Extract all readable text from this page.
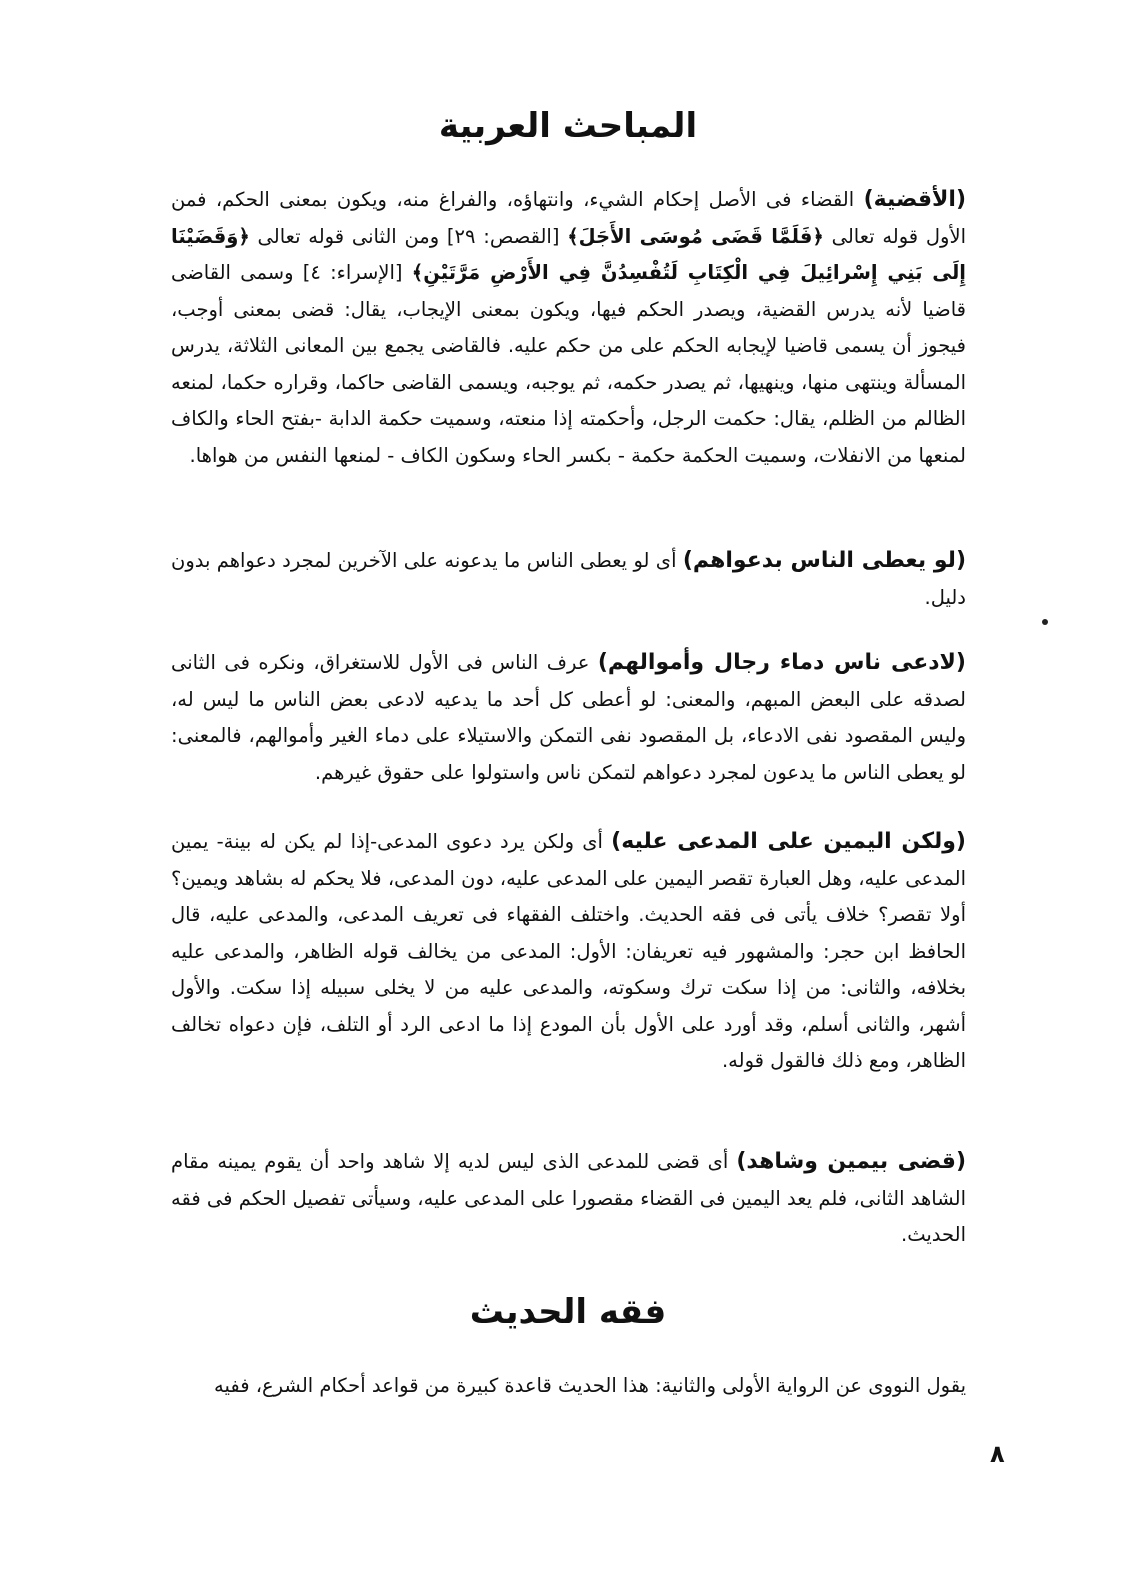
المباحث العربية

(الأقضية) القضاء فى الأصل إحكام الشيء، وانتهاؤه، والفراغ منه، ويكون بمعنى الحكم، فمن الأول قوله تعالى ﴿فَلَمَّا قَضَى مُوسَى الأَجَلَ﴾ [القصص: ٢٩] ومن الثانى قوله تعالى ﴿وَقَضَيْنَا إِلَى بَنِي إِسْرائِيلَ فِي الْكِتَابِ لَتُفْسِدُنَّ فِي الأَرْضِ مَرَّتَيْنِ﴾ [الإسراء: ٤] وسمى القاضى قاضيا لأنه يدرس القضية، ويصدر الحكم فيها، ويكون بمعنى الإيجاب، يقال: قضى بمعنى أوجب، فيجوز أن يسمى قاضيا لإيجابه الحكم على من حكم عليه. فالقاضى يجمع بين المعانى الثلاثة، يدرس المسألة وينتهى منها، وينهيها، ثم يصدر حكمه، ثم يوجبه، ويسمى القاضى حاكما، وقراره حكما، لمنعه الظالم من الظلم، يقال: حكمت الرجل، وأحكمته إذا منعته، وسميت حكمة الدابة -بفتح الحاء والكاف لمنعها من الانفلات، وسميت الحكمة حكمة - بكسر الحاء وسكون الكاف - لمنعها النفس من هواها.

(لو يعطى الناس بدعواهم) أى لو يعطى الناس ما يدعونه على الآخرين لمجرد دعواهم بدون دليل.

(لادعى ناس دماء رجال وأموالهم) عرف الناس فى الأول للاستغراق، ونكره فى الثانى لصدقه على البعض المبهم، والمعنى: لو أعطى كل أحد ما يدعيه لادعى بعض الناس ما ليس له، وليس المقصود نفى الادعاء، بل المقصود نفى التمكن والاستيلاء على دماء الغير وأموالهم، فالمعنى: لو يعطى الناس ما يدعون لمجرد دعواهم لتمكن ناس واستولوا على حقوق غيرهم.

(ولكن اليمين على المدعى عليه) أى ولكن يرد دعوى المدعى-إذا لم يكن له بينة- يمين المدعى عليه، وهل العبارة تقصر اليمين على المدعى عليه، دون المدعى، فلا يحكم له بشاهد ويمين؟ أولا تقصر؟ خلاف يأتى فى فقه الحديث. واختلف الفقهاء فى تعريف المدعى، والمدعى عليه، قال الحافظ ابن حجر: والمشهور فيه تعريفان: الأول: المدعى من يخالف قوله الظاهر، والمدعى عليه بخلافه، والثانى: من إذا سكت ترك وسكوته، والمدعى عليه من لا يخلى سبيله إذا سكت. والأول أشهر، والثانى أسلم، وقد أورد على الأول بأن المودع إذا ما ادعى الرد أو التلف، فإن دعواه تخالف الظاهر، ومع ذلك فالقول قوله.

(قضى بيمين وشاهد) أى قضى للمدعى الذى ليس لديه إلا شاهد واحد أن يقوم يمينه مقام الشاهد الثانى، فلم يعد اليمين فى القضاء مقصورا على المدعى عليه، وسيأتى تفصيل الحكم فى فقه الحديث.

فقه الحديث

يقول النووى عن الرواية الأولى والثانية: هذا الحديث قاعدة كبيرة من قواعد أحكام الشرع، ففيه

٨
